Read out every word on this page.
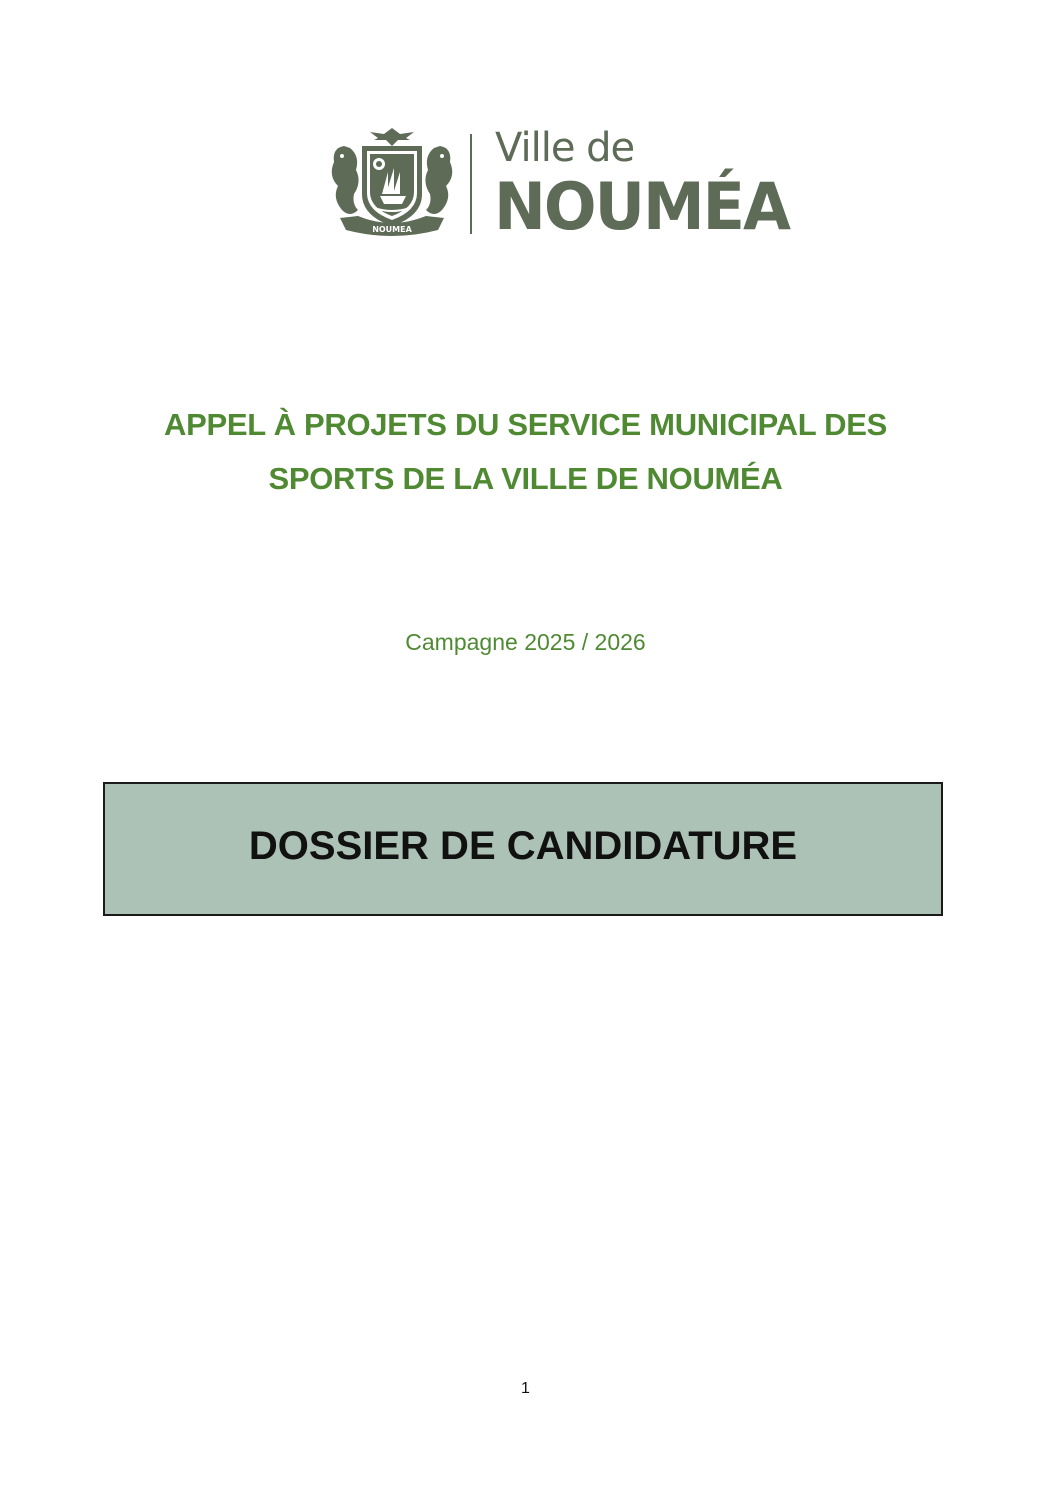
NOUMEA
Ville de
NOUMÉA
APPEL À PROJETS DU SERVICE MUNICIPAL DES
SPORTS DE LA VILLE DE NOUMÉA
Campagne 2025 / 2026
DOSSIER DE CANDIDATURE
1
